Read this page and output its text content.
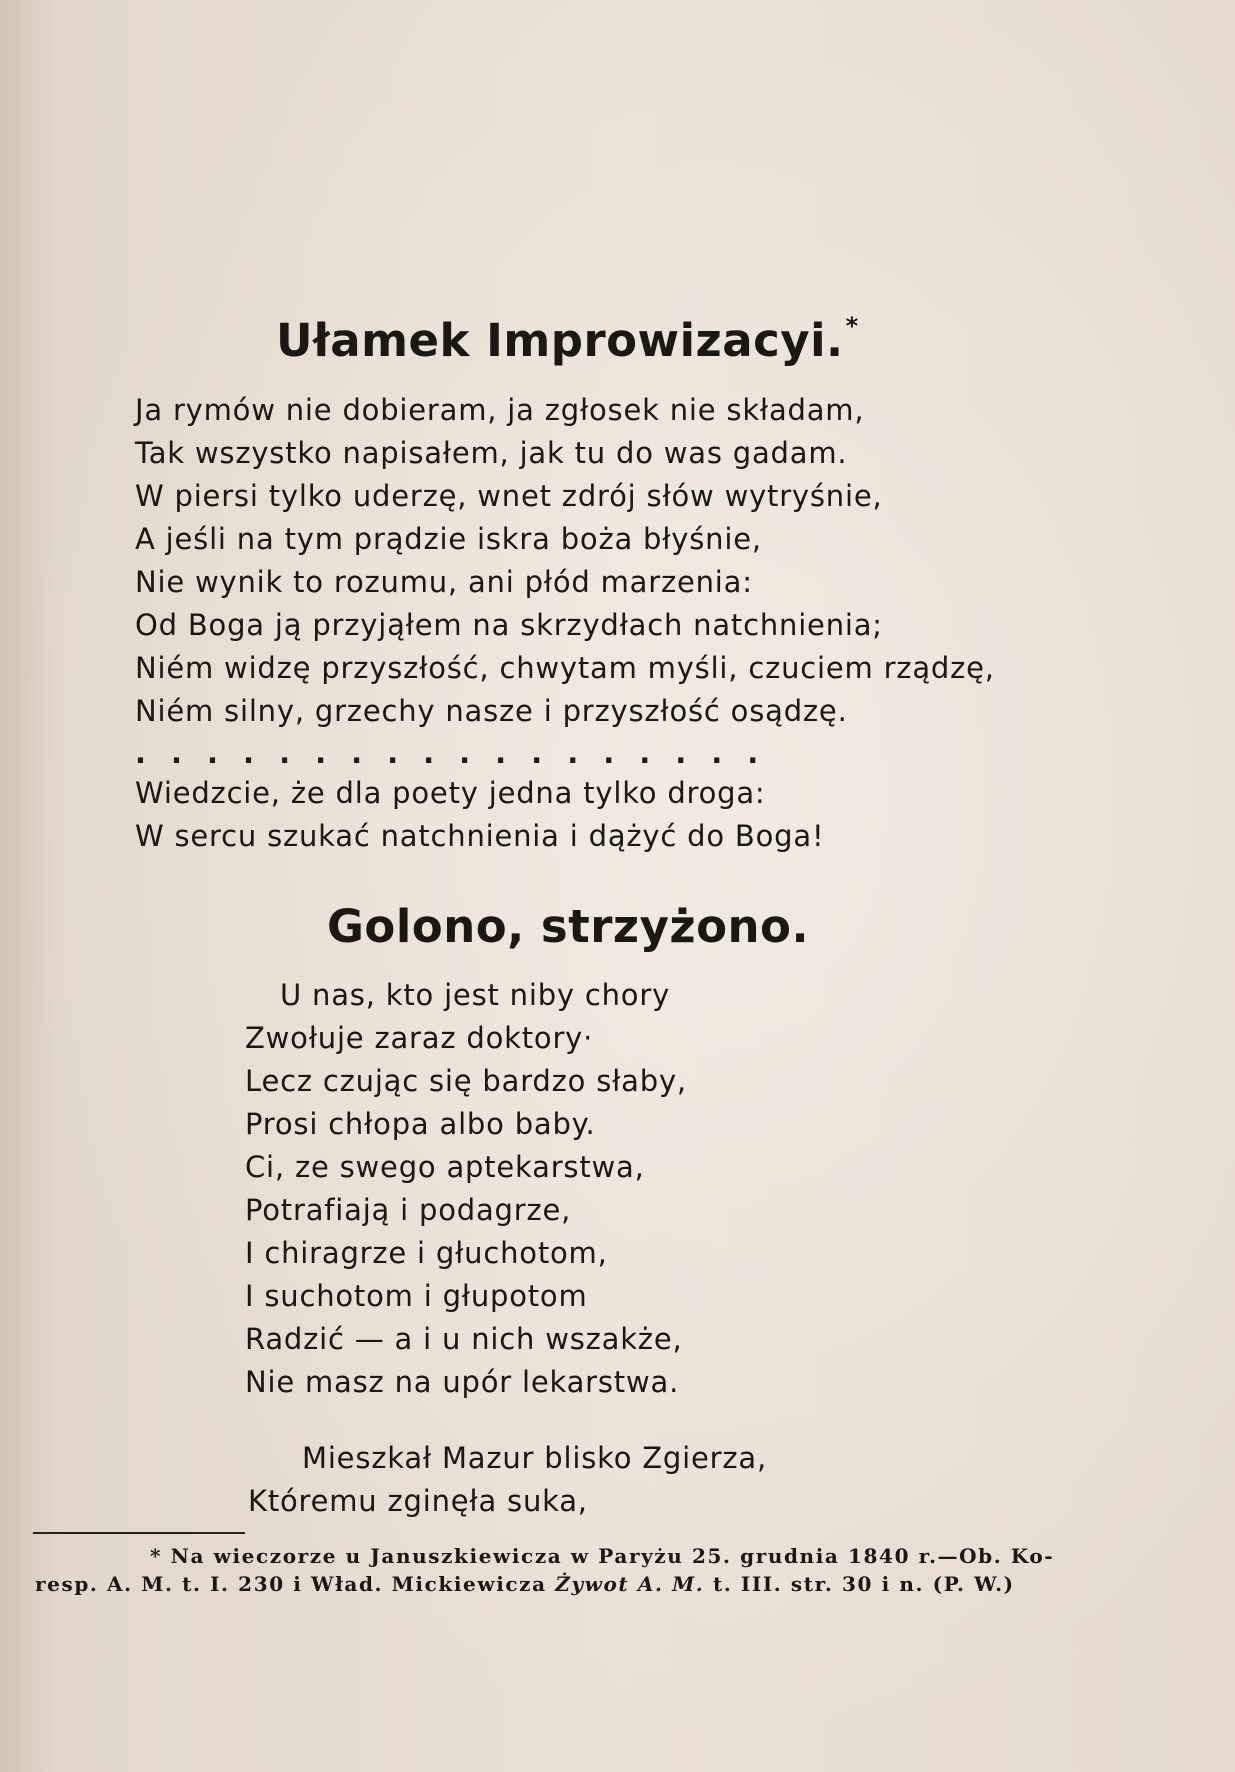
Ułamek Improwizacyi.*
Ja rymów nie dobieram, ja zgłosek nie składam,
Tak wszystko napisałem, jak tu do was gadam.
W piersi tylko uderzę, wnet zdrój słów wytryśnie,
A jeśli na tym prądzie iskra boża błyśnie,
Nie wynik to rozumu, ani płód marzenia:
Od Boga ją przyjąłem na skrzydłach natchnienia;
Niém widzę przyszłość, chwytam myśli, czuciem rządzę,
Niém silny, grzechy nasze i przyszłość osądzę.
..................
Wiedzcie, że dla poety jedna tylko droga:
W sercu szukać natchnienia i dążyć do Boga!
Golono, strzyżono.
U nas, kto jest niby chory
Zwołuje zaraz doktory·
Lecz czując się bardzo słaby,
Prosi chłopa albo baby.
Ci, ze swego aptekarstwa,
Potrafiają i podagrze,
I chiragrze i głuchotom,
I suchotom i głupotom
Radzić — a i u nich wszakże,
Nie masz na upór lekarstwa.
Mieszkał Mazur blisko Zgierza,
Któremu zginęła suka,
* Na wieczorze u Januszkiewicza w Paryżu 25. grudnia 1840 r.—Ob. Ko-
resp. A. M. t. I. 230 i Wład. Mickiewicza Żywot A. M. t. III. str. 30 i n. (P. W.)
